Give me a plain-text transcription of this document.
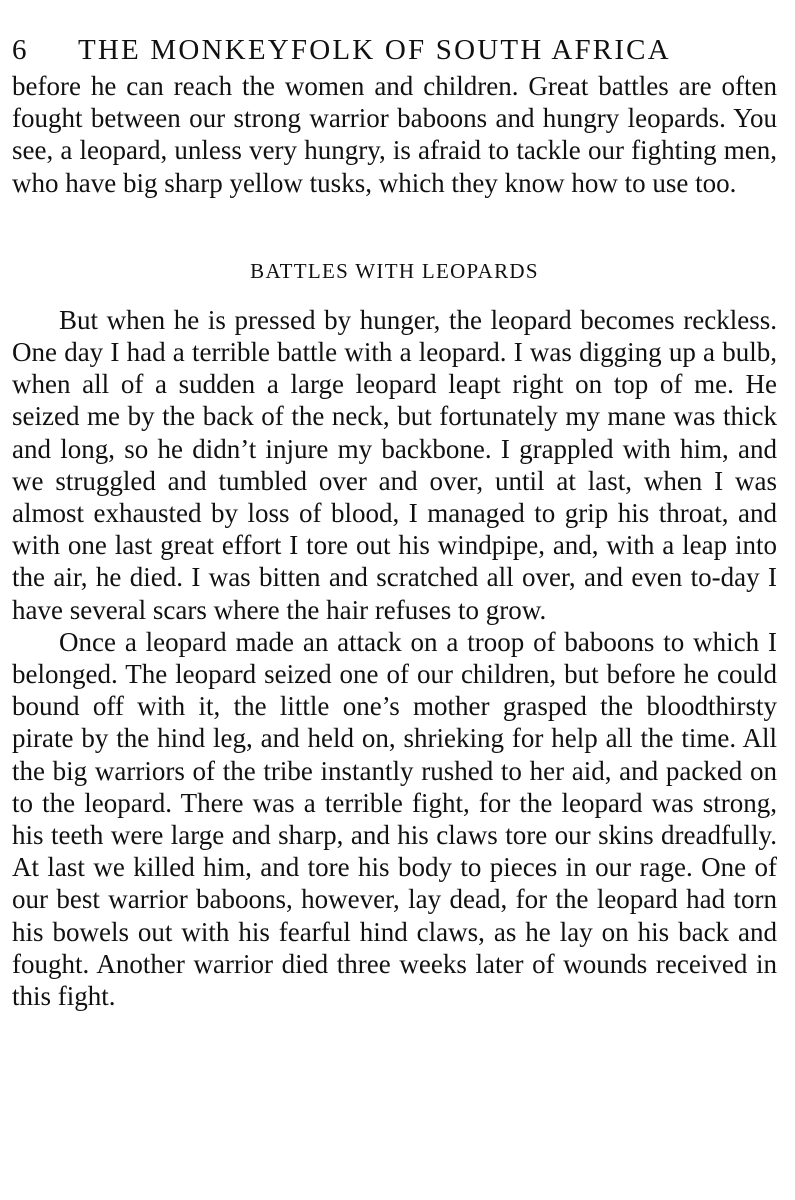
6	THE MONKEYFOLK OF SOUTH AFRICA

before he can reach the women and children. Great battles are often fought between our strong warrior baboons and hungry leopards. You see, a leopard, unless very hungry, is afraid to tackle our fighting men, who have big sharp yellow tusks, which they know how to use too.

BATTLES WITH LEOPARDS

But when he is pressed by hunger, the leopard becomes reckless. One day I had a terrible battle with a leopard. I was digging up a bulb, when all of a sudden a large leopard leapt right on top of me. He seized me by the back of the neck, but fortunately my mane was thick and long, so he didn’t injure my backbone. I grappled with him, and we struggled and tumbled over and over, until at last, when I was almost exhausted by loss of blood, I managed to grip his throat, and with one last great effort I tore out his windpipe, and, with a leap into the air, he died. I was bitten and scratched all over, and even to-day I have several scars where the hair refuses to grow.

Once a leopard made an attack on a troop of baboons to which I belonged. The leopard seized one of our children, but before he could bound off with it, the little one’s mother grasped the bloodthirsty pirate by the hind leg, and held on, shrieking for help all the time. All the big warriors of the tribe instantly rushed to her aid, and packed on to the leopard. There was a terrible fight, for the leopard was strong, his teeth were large and sharp, and his claws tore our skins dreadfully. At last we killed him, and tore his body to pieces in our rage. One of our best warrior baboons, however, lay dead, for the leopard had torn his bowels out with his fearful hind claws, as he lay on his back and fought. Another warrior died three weeks later of wounds received in this fight.
